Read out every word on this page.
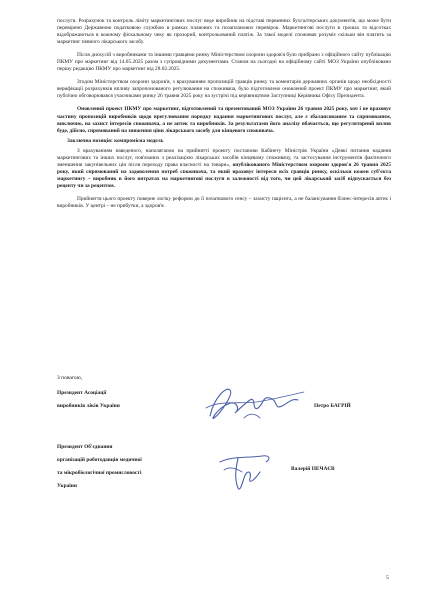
послуги. Розрахунок та контроль ліміту маркетингових послуг веде виробник на підставі первинних бухгалтерських документів, що може бути перевірено Державною податковою службою в рамках планових та позапланових перевірок. Маркетингові послуги в грошах та відсотках відображаються в кожному фіскальному чеку як прозорий, контрольований платіж. За такої моделі споживач розуміє скільки він платить за маркетинг певного лікарського засобу.

Після дискусій з виробниками та іншими гравцями ринку Міністерством охорони здоров'я було прибрано з офіційного сайту публікацію ПКМУ про маркетинг від 14.05.2025 разом з супровідними документами. Станом на сьогодні на офіційному сайті МОЗ України опубліковано першу редакцію ПКМУ про маркетинг від 28.02.2025.

Згодом Міністерством охорони здоров'я, з врахуванням пропозицій гравців ринку та коментарів державних органів щодо необхідності верифікації розрахунків впливу запропонованого регулювання на споживача, було підготовлено оновлений проект ПКМУ про маркетинг, який публічно обговорювався учасниками ринку 26 травня 2025 року на зустрічі під керівництвом Заступниці Керівника Офісу Президента.

Оновлений проект ПКМУ про маркетинг, підготовлений та презентований МОЗ України 26 травня 2025 року, хоч і не враховує частину пропозицій виробників щодо врегулювання порядку надання маркетингових послуг, але є збалансованим та спрямованим, виключно, на захист інтересів споживача, а не аптек та виробників. За результатами його аналізу вбачається, що регуляторний вплив буде, дійсно, спрямований на зниження ціни лікарського засобу для кінцевого споживача.

Заключна позиція: компромісна модель

З врахуванням наведеного, наполягаємо на прийнятті проекту постанови Кабінету Міністрів України «Деякі питання надання маркетингових та інших послуг, пов'язаних з реалізацією лікарських засобів кінцевому споживачу, та застосування інструментів фактичного зменшення закупівельних цін після переходу права власності на товари», опублікованого Міністерством охорони здоров'я 26 травня 2025 року, який спрямований на задоволення потреб споживача, та який враховує інтереси всіх гравців ринку, оскільки кожен суб'єкта маркетингу – виробник в його витратах на маркетингові послуги в залежності від того, чи цей лікарський засіб відпускається без рецепту чи за рецептом.

Прийняття цього проекту поверне логіку реформи до її початкового сенсу – захисту пацієнта, а не балансування бізнес-інтересів аптек і виробників. У центрі – не прибутки, а здоров'я.

З повагою,
Президент Асоціації
виробників ліків України	Петро БАГРІЙ
Президент Об'єднання
організацій роботодавців медичної
та мікробіологічної промисловості
України
Валерій ПЕЧАЄВ
5
